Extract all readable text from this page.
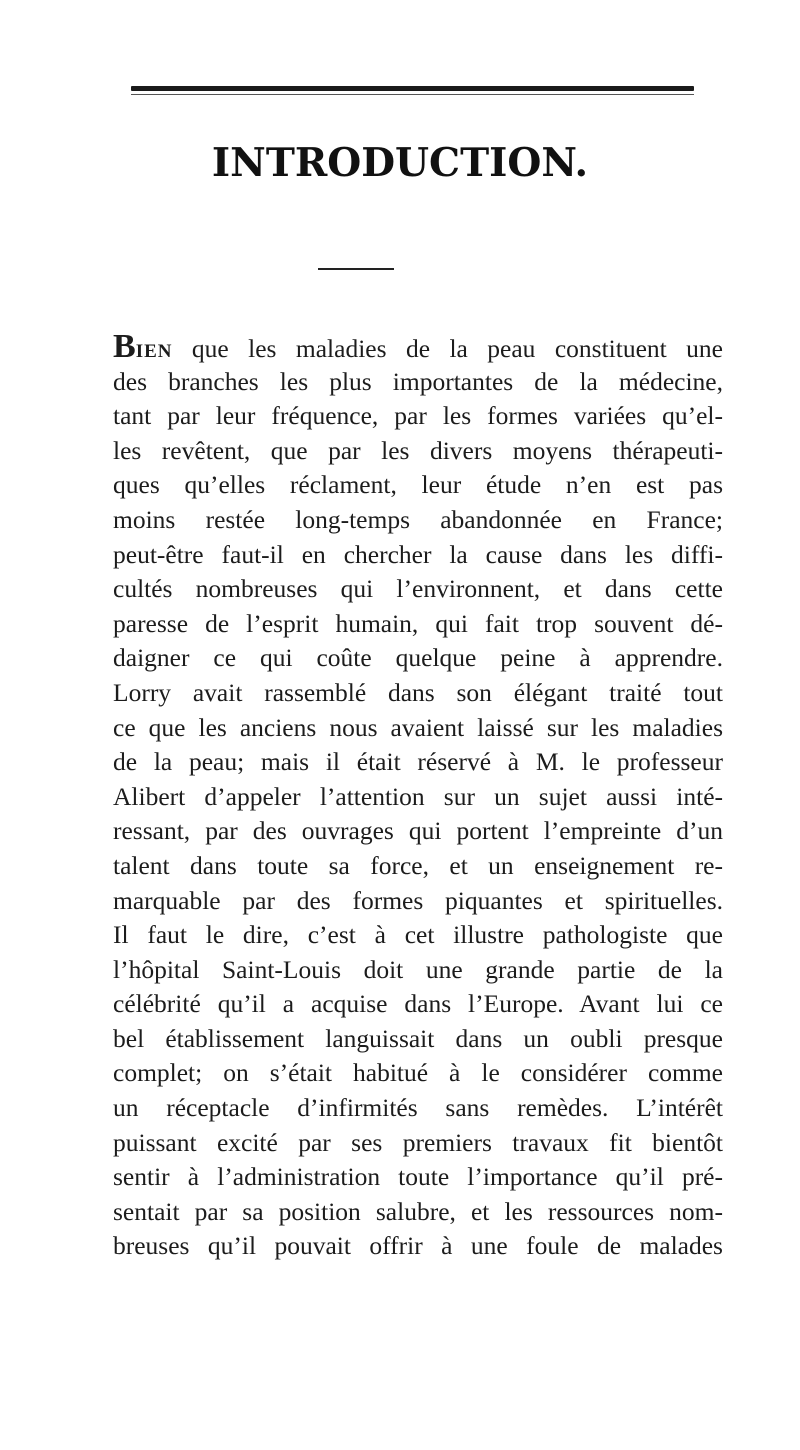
INTRODUCTION.
BIEN que les maladies de la peau constituent une
des branches les plus importantes de la médecine,
tant par leur fréquence, par les formes variées qu’el-
les revêtent, que par les divers moyens thérapeuti-
ques qu’elles réclament, leur étude n’en est pas
moins restée long-temps abandonnée en France;
peut-être faut-il en chercher la cause dans les diffi-
cultés nombreuses qui l’environnent, et dans cette
paresse de l’esprit humain, qui fait trop souvent dé-
daigner ce qui coûte quelque peine à apprendre.
Lorry avait rassemblé dans son élégant traité tout
ce que les anciens nous avaient laissé sur les maladies
de la peau; mais il était réservé à M. le professeur
Alibert d’appeler l’attention sur un sujet aussi inté-
ressant, par des ouvrages qui portent l’empreinte d’un
talent dans toute sa force, et un enseignement re-
marquable par des formes piquantes et spirituelles.
Il faut le dire, c’est à cet illustre pathologiste que
l’hôpital Saint-Louis doit une grande partie de la
célébrité qu’il a acquise dans l’Europe. Avant lui ce
bel établissement languissait dans un oubli presque
complet; on s’était habitué à le considérer comme
un réceptacle d’infirmités sans remèdes. L’intérêt
puissant excité par ses premiers travaux fit bientôt
sentir à l’administration toute l’importance qu’il pré-
sentait par sa position salubre, et les ressources nom-
breuses qu’il pouvait offrir à une foule de malades
